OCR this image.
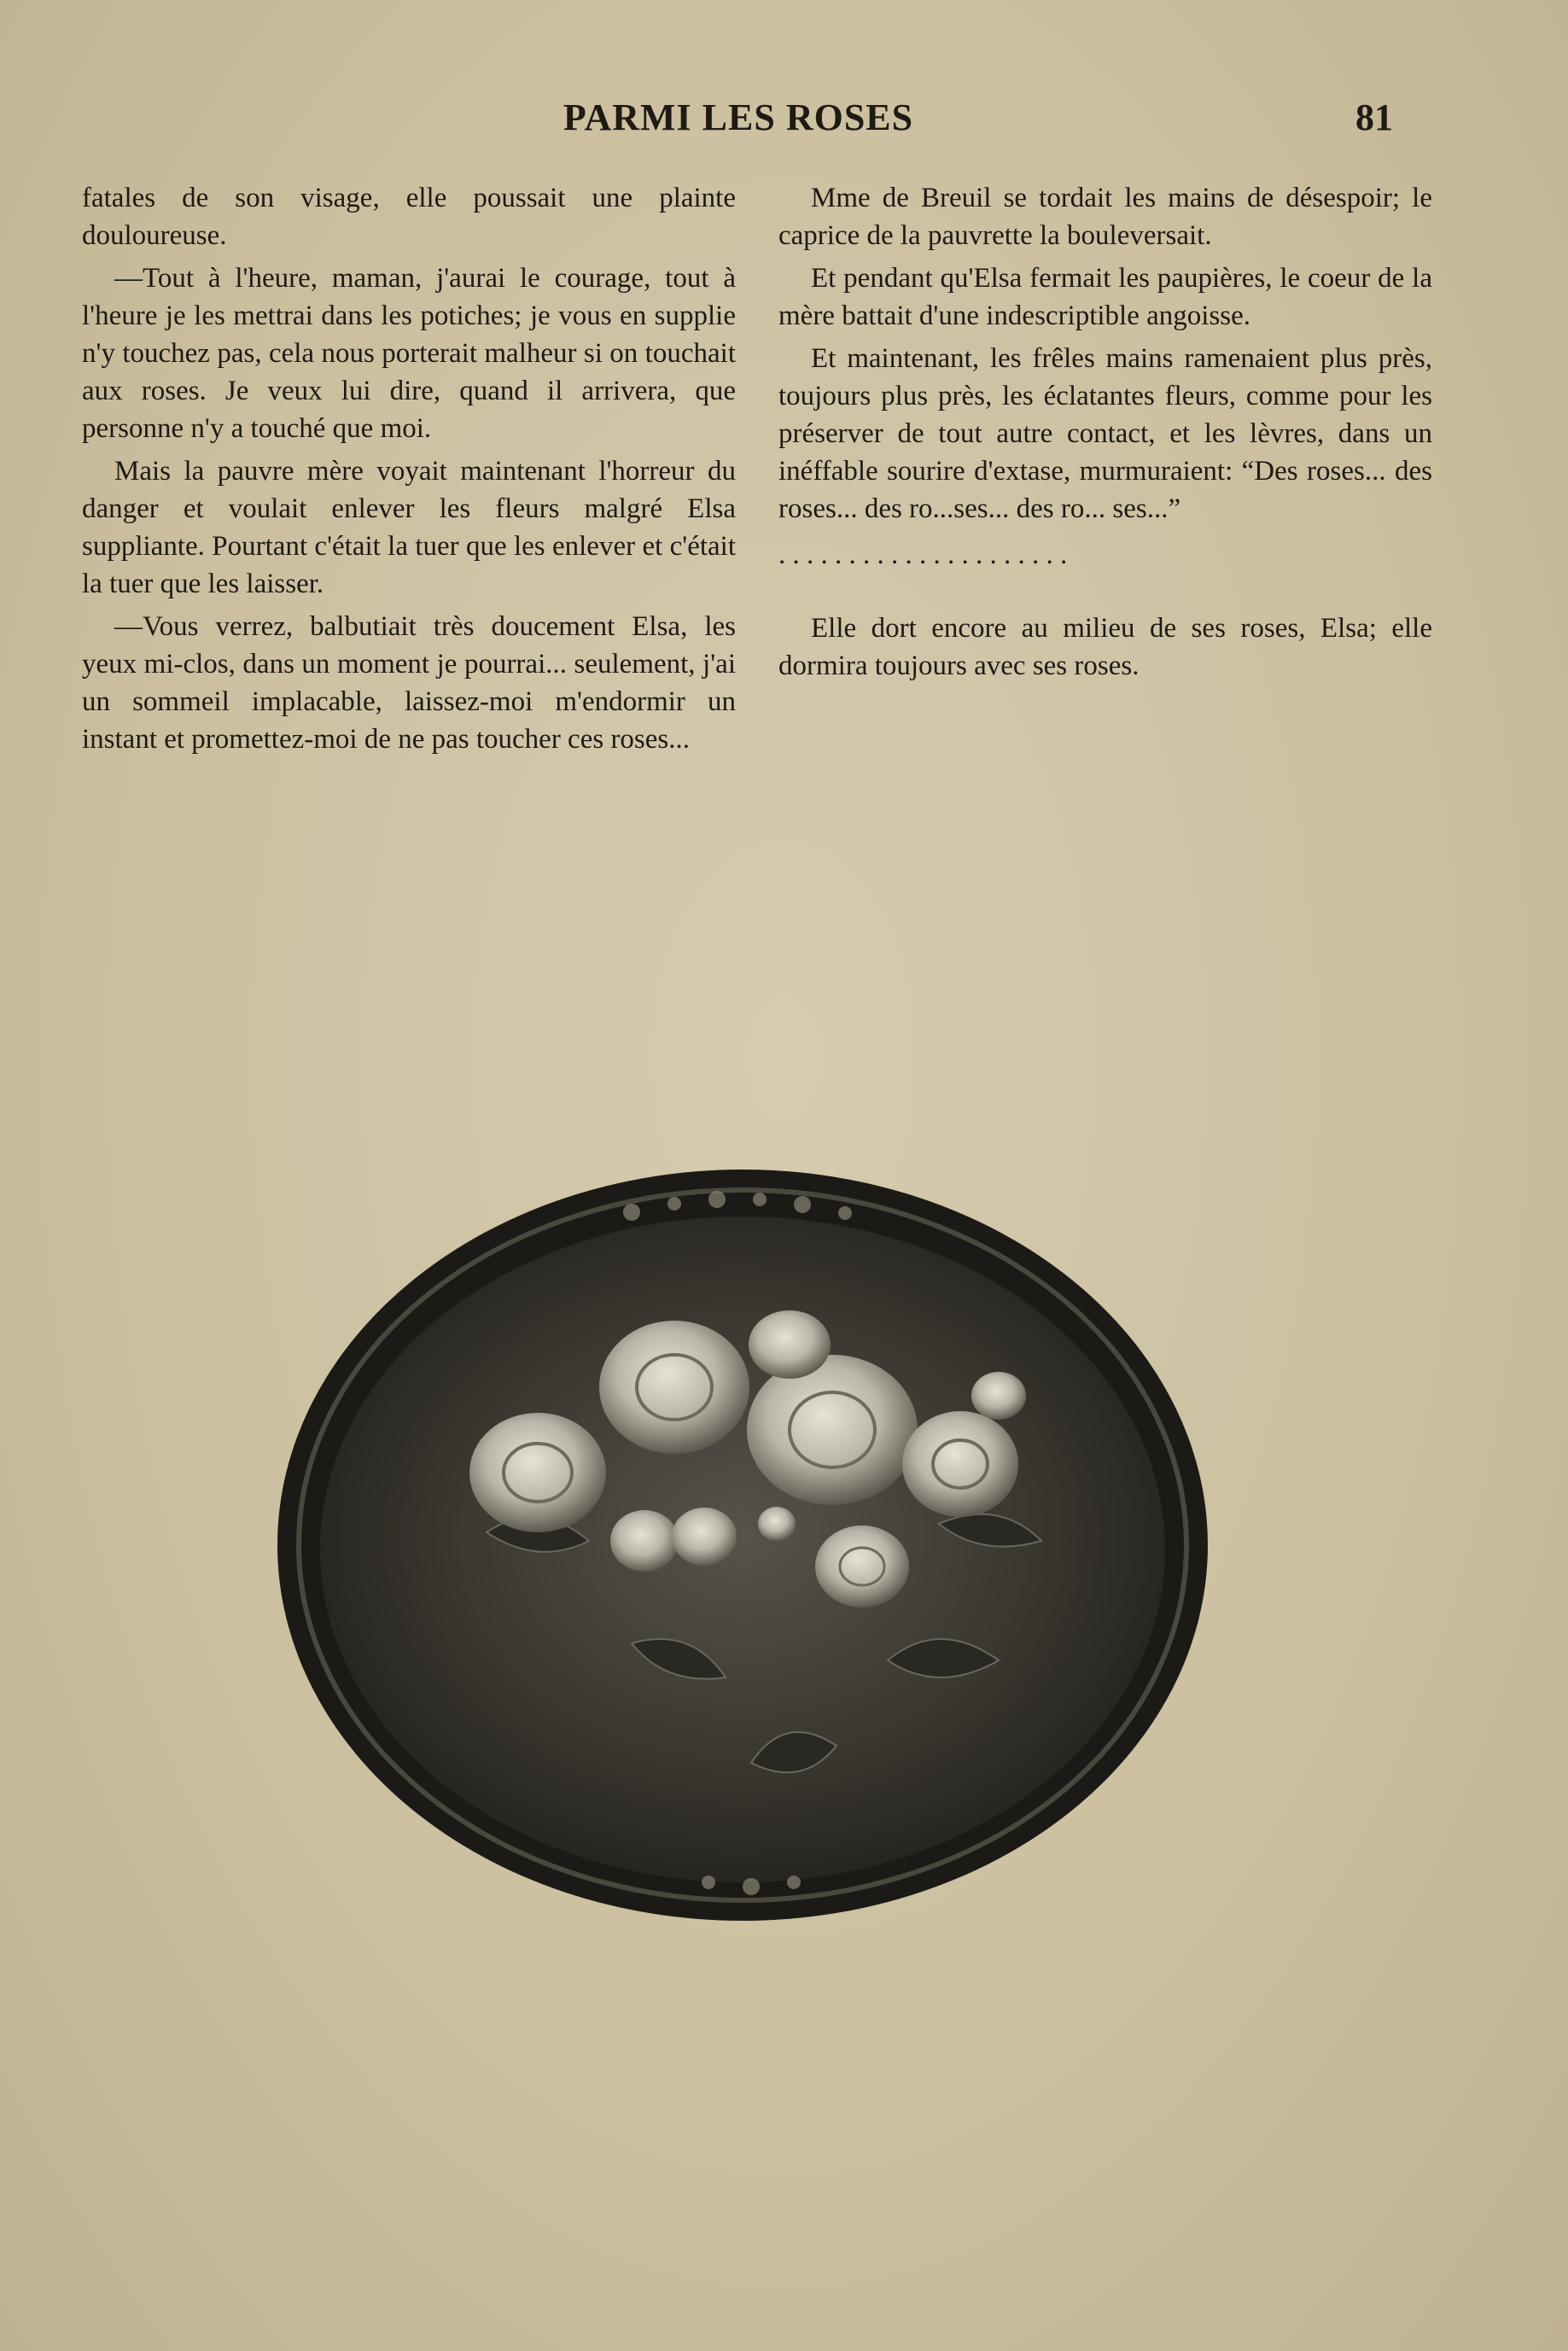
PARMI LES ROSES	81

fatales de son visage, elle poussait une plainte douloureuse.

—Tout à l'heure, maman, j'aurai le courage, tout à l'heure je les mettrai dans les potiches; je vous en supplie n'y touchez pas, cela nous porterait malheur si on touchait aux roses. Je veux lui dire, quand il arrivera, que personne n'y a touché que moi.

Mais la pauvre mère voyait maintenant l'horreur du danger et voulait enlever les fleurs malgré Elsa suppliante. Pourtant c'était la tuer que les enlever et c'était la tuer que les laisser.

—Vous verrez, balbutiait très doucement Elsa, les yeux mi-clos, dans un moment je pourrai... seulement, j'ai un sommeil implacable, laissez-moi m'endormir un instant et promettez-moi de ne pas toucher ces roses...

Mme de Breuil se tordait les mains de désespoir; le caprice de la pauvrette la bouleversait.

Et pendant qu'Elsa fermait les paupières, le coeur de la mère battait d'une indescriptible angoisse.

Et maintenant, les frêles mains ramenaient plus près, toujours plus près, les éclatantes fleurs, comme pour les préserver de tout autre contact, et les lèvres, dans un inéffable sourire d'extase, murmuraient: “Des roses... des roses... des ro...ses... des ro... ses...”

. . . . . . . . . . . . . . . . . . . . .

Elle dort encore au milieu de ses roses, Elsa; elle dormira toujours avec ses roses.
